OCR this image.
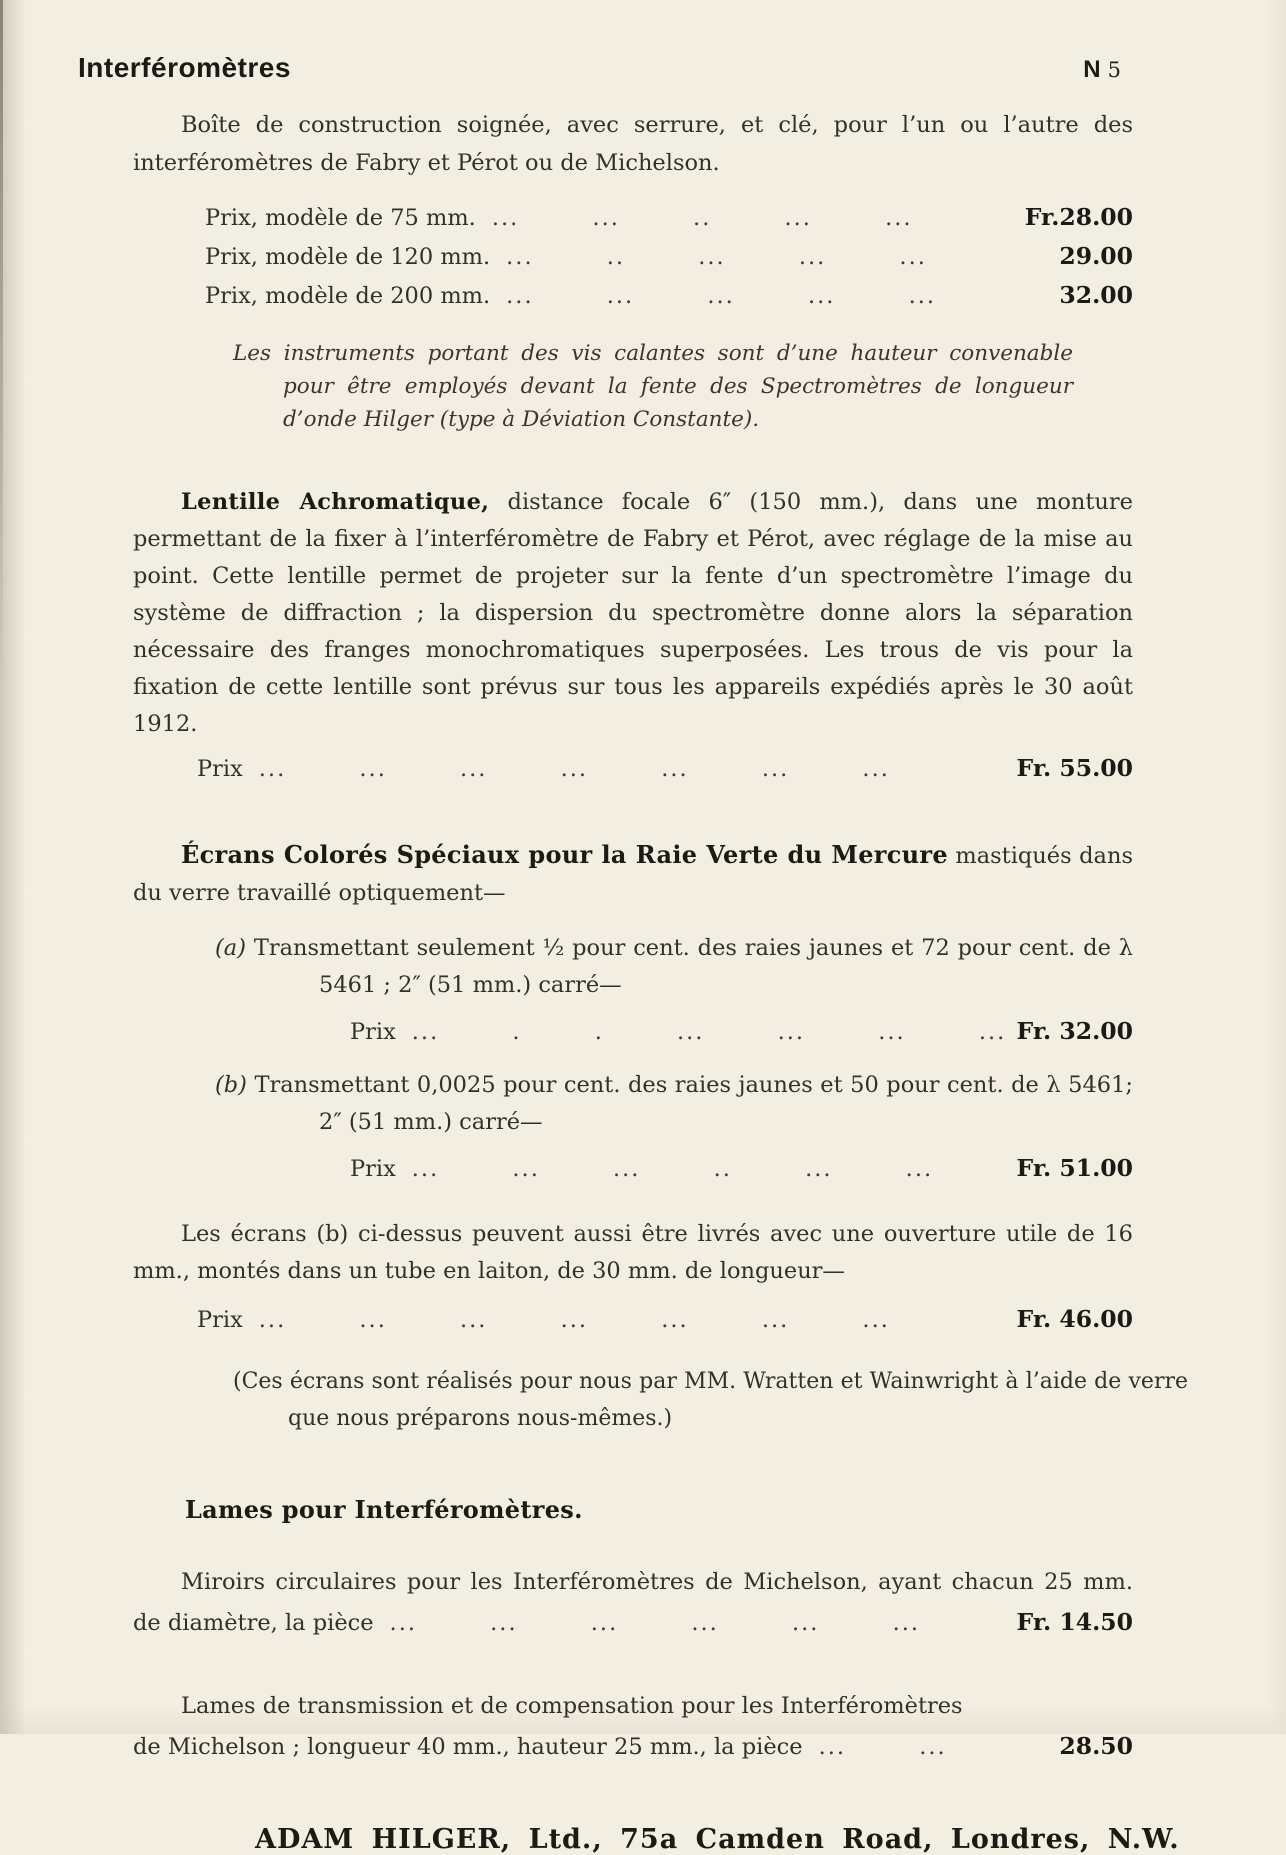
Interféromètres	N 5

Boîte de construction soignée, avec serrure, et clé, pour l’un ou l’autre des interféromètres de Fabry et Pérot ou de Michelson.

Prix, modèle de 75 mm. ... ... .. ... ...	Fr.28.00
Prix, modèle de 120 mm. ... .. ... ... ...	29.00
Prix, modèle de 200 mm. ... ... ... ... ...	32.00

Les instruments portant des vis calantes sont d’une hauteur convenable pour être employés devant la fente des Spectromètres de longueur d’onde Hilger (type à Déviation Constante).

Lentille Achromatique, distance focale 6″ (150 mm.), dans une monture permettant de la fixer à l’interféromètre de Fabry et Pérot, avec réglage de la mise au point. Cette lentille permet de projeter sur la fente d’un spectromètre l’image du système de diffraction ; la dispersion du spectromètre donne alors la séparation nécessaire des franges monochromatiques superposées. Les trous de vis pour la fixation de cette lentille sont prévus sur tous les appareils expédiés après le 30 août 1912.

Prix ... ... ... ... ... ... ...	Fr. 55.00

Écrans Colorés Spéciaux pour la Raie Verte du Mercure mastiqués dans du verre travaillé optiquement—

(a) Transmettant seulement ½ pour cent. des raies jaunes et 72 pour cent. de λ 5461 ; 2″ (51 mm.) carré—

Prix ... . . ... ... ... ... Fr. 32.00

(b) Transmettant 0,0025 pour cent. des raies jaunes et 50 pour cent. de λ 5461; 2″ (51 mm.) carré—

Prix ... ... ... .. ... ...	Fr. 51.00

Les écrans (b) ci-dessus peuvent aussi être livrés avec une ouverture utile de 16 mm., montés dans un tube en laiton, de 30 mm. de longueur—

Prix ... ... ... ... ... ... ...	Fr. 46.00

(Ces écrans sont réalisés pour nous par MM. Wratten et Wainwright à l’aide de verre que nous préparons nous-mêmes.)

Lames pour Interféromètres.

Miroirs circulaires pour les Interféromètres de Michelson, ayant chacun 25 mm.

de diamètre, la pièce ... ... ... ... ... ...	Fr. 14.50

Lames de transmission et de compensation pour les Interféromètres

de Michelson ; longueur 40 mm., hauteur 25 mm., la pièce ... ...	28.50
ADAM HILGER, Ltd., 75a Camden Road, Londres, N.W.
